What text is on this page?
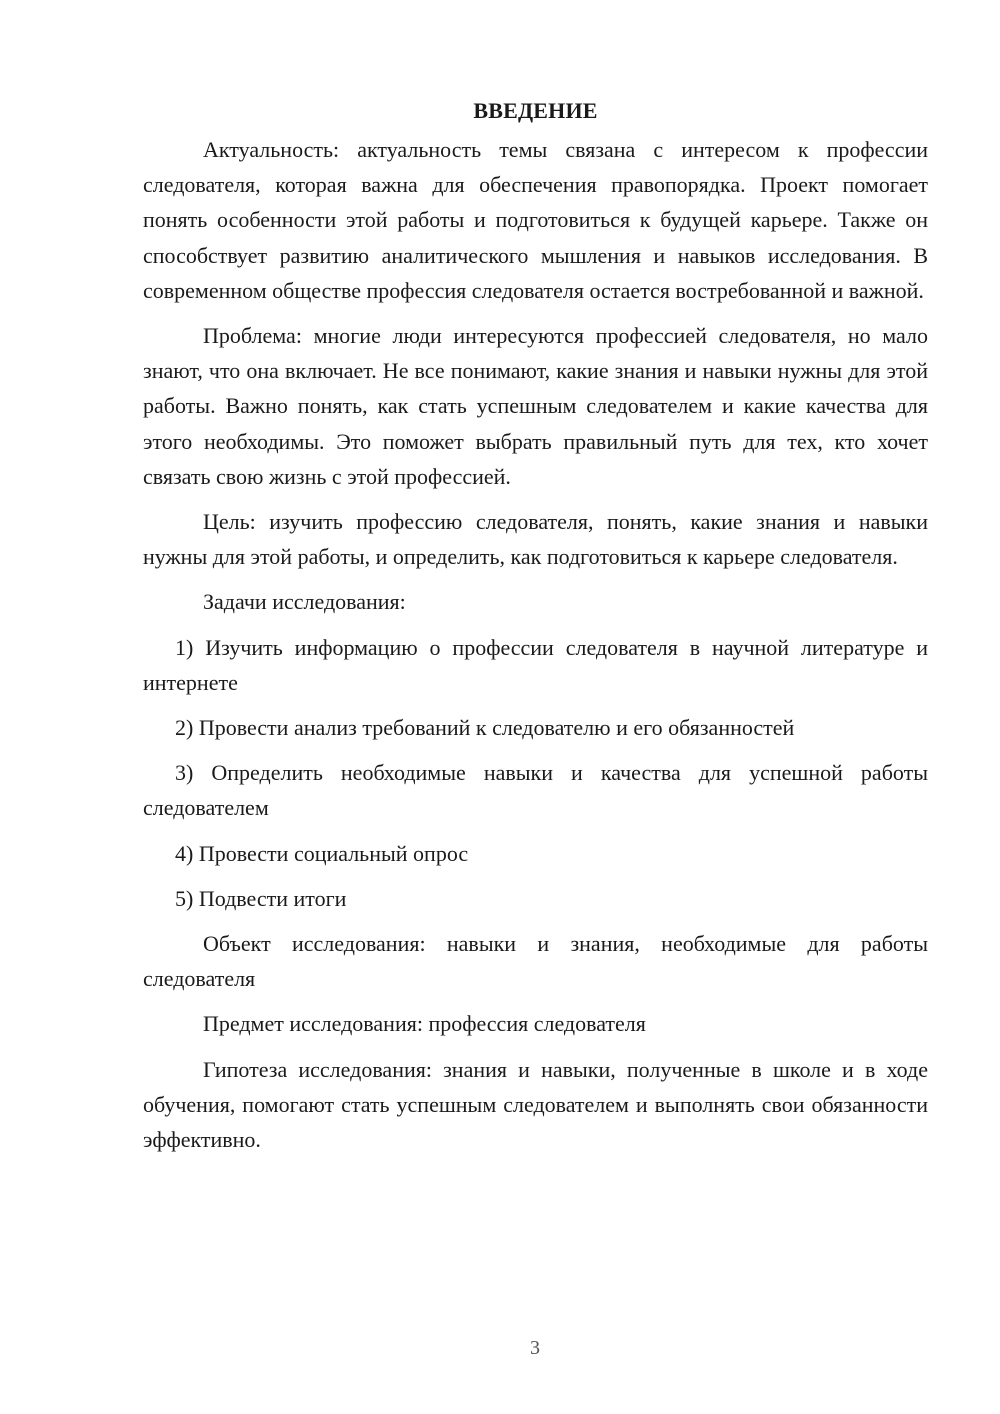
ВВЕДЕНИЕ

Актуальность: актуальность темы связана с интересом к профессии следователя, которая важна для обеспечения правопорядка. Проект помогает понять особенности этой работы и подготовиться к будущей карьере. Также он способствует развитию аналитического мышления и навыков исследования. В современном обществе профессия следователя остается востребованной и важной.

Проблема: многие люди интересуются профессией следователя, но мало знают, что она включает. Не все понимают, какие знания и навыки нужны для этой работы. Важно понять, как стать успешным следователем и какие качества для этого необходимы. Это поможет выбрать правильный путь для тех, кто хочет связать свою жизнь с этой профессией.

Цель: изучить профессию следователя, понять, какие знания и навыки нужны для этой работы, и определить, как подготовиться к карьере следователя.

Задачи исследования:

1) Изучить информацию о профессии следователя в научной литературе и интернете

2) Провести анализ требований к следователю и его обязанностей

3) Определить необходимые навыки и качества для успешной работы следователем

4) Провести социальный опрос

5) Подвести итоги

Объект исследования: навыки и знания, необходимые для работы следователя

Предмет исследования: профессия следователя

Гипотеза исследования: знания и навыки, полученные в школе и в ходе обучения, помогают стать успешным следователем и выполнять свои обязанности эффективно.

3
